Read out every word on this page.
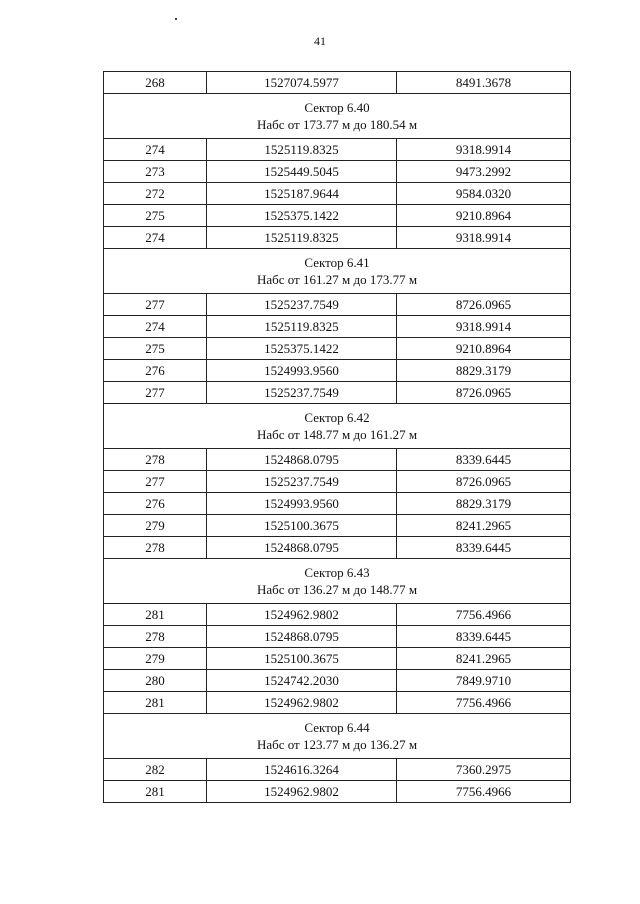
41
268	1527074.5977	8491.3678

Сектор 6.40
Набс от 173.77 м до 180.54 м		

274	1525119.8325	9318.9914
273	1525449.5045	9473.2992
272	1525187.9644	9584.0320
275	1525375.1422	9210.8964
274	1525119.8325	9318.9914

Сектор 6.41
Набс от 161.27 м до 173.77 м		

277	1525237.7549	8726.0965
274	1525119.8325	9318.9914
275	1525375.1422	9210.8964
276	1524993.9560	8829.3179
277	1525237.7549	8726.0965

Сектор 6.42
Набс от 148.77 м до 161.27 м		

278	1524868.0795	8339.6445
277	1525237.7549	8726.0965
276	1524993.9560	8829.3179
279	1525100.3675	8241.2965
278	1524868.0795	8339.6445

Сектор 6.43
Набс от 136.27 м до 148.77 м		

281	1524962.9802	7756.4966
278	1524868.0795	8339.6445
279	1525100.3675	8241.2965
280	1524742.2030	7849.9710
281	1524962.9802	7756.4966

Сектор 6.44
Набс от 123.77 м до 136.27 м		

282	1524616.3264	7360.2975
281	1524962.9802	7756.4966
